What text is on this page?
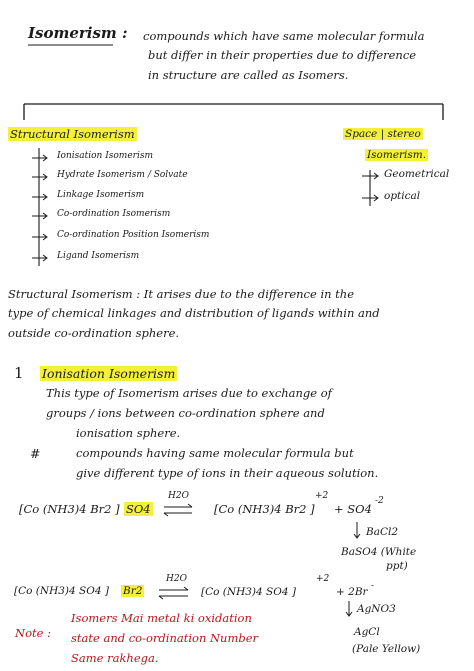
Isomerism : compounds which have same molecular formula
but differ in their properties due to difference
in structure are called as Isomers.
Structural Isomerism
Ionisation Isomerism
Hydrate Isomerism / Solvate
Linkage Isomerism
Co-ordination Isomerism
Co-ordination Position Isomerism
Ligand Isomerism
Space | stereo
Isomerism.
Geometrical
optical
Structural Isomerism : It arises due to the difference in the
type of chemical linkages and distribution of ligands within and
outside co-ordination sphere.
1 Ionisation Isomerism
This type of Isomerism arises due to exchange of
groups / ions between co-ordination sphere and
ionisation sphere.
#	compounds having same molecular formula but
give different type of ions in their aqueous solution.
[Co (NH3)4 Br2 ] SO4
H2O
[Co (NH3)4 Br2 ]
+2
+ SO4
-2
BaCl2
BaSO4 (White
ppt)
[Co (NH3)4 SO4 ] Br2
H2O
[Co (NH3)4 SO4 ]
+2
+ 2Br -
AgNO3
AgCl
(Pale Yellow)
Note :
Isomers Mai metal ki oxidation
state and co-ordination Number
Same rakhega.
